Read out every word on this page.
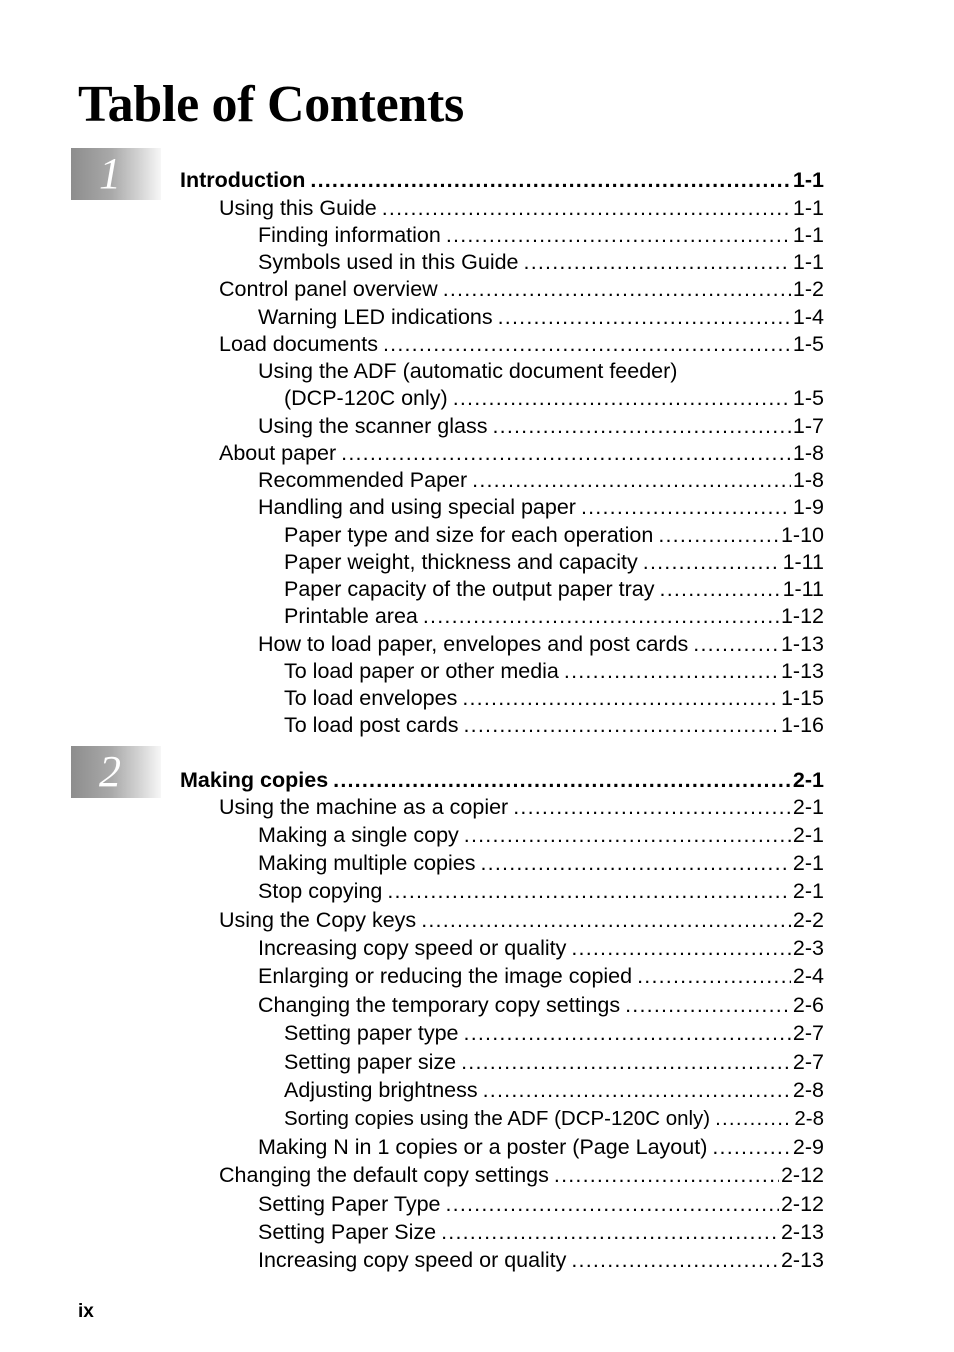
Table of Contents
1
2
Introduction .....	1-1
Using this Guide .....	1-1
Finding information .....	1-1
Symbols used in this Guide .....	1-1
Control panel overview .....	1-2
Warning LED indications .....	1-4
Load documents .....	1-5
Using the ADF (automatic document feeder)
(DCP-120C only) .....	1-5
Using the scanner glass .....	1-7
About paper .....	1-8
Recommended Paper .....	1-8
Handling and using special paper .....	1-9
Paper type and size for each operation .....	1-10
Paper weight, thickness and capacity .....	1-11
Paper capacity of the output paper tray .....	1-11
Printable area .....	1-12
How to load paper, envelopes and post cards .....	1-13
To load paper or other media .....	1-13
To load envelopes .....	1-15
To load post cards .....	1-16
Making copies .....	2-1
Using the machine as a copier .....	2-1
Making a single copy .....	2-1
Making multiple copies .....	2-1
Stop copying .....	2-1
Using the Copy keys .....	2-2
Increasing copy speed or quality .....	2-3
Enlarging or reducing the image copied .....	2-4
Changing the temporary copy settings .....	2-6
Setting paper type .....	2-7
Setting paper size .....	2-7
Adjusting brightness .....	2-8
Sorting copies using the ADF (DCP-120C only) .....	2-8
Making N in 1 copies or a poster (Page Layout) .....	2-9
Changing the default copy settings .....	2-12
Setting Paper Type .....	2-12
Setting Paper Size .....	2-13
Increasing copy speed or quality .....	2-13
ix
